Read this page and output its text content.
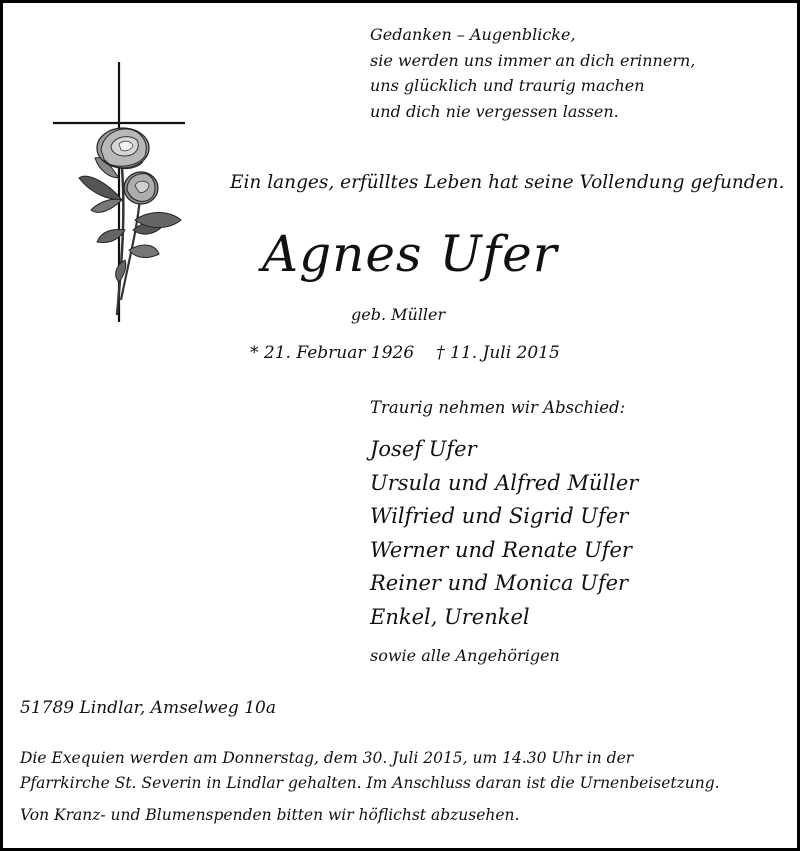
Gedanken – Augenblicke,
sie werden uns immer an dich erinnern,
uns glücklich und traurig machen
und dich nie vergessen lassen.
Ein langes, erfülltes Leben hat seine Vollendung gefunden.
Agnes Ufer
geb. Müller
* 21. Februar 1926 † 11. Juli 2015
Traurig nehmen wir Abschied:
Josef Ufer
Ursula und Alfred Müller
Wilfried und Sigrid Ufer
Werner und Renate Ufer
Reiner und Monica Ufer
Enkel, Urenkel
sowie alle Angehörigen
51789 Lindlar, Amselweg 10a
Die Exequien werden am Donnerstag, dem 30. Juli 2015, um 14.30 Uhr in der
Pfarrkirche St. Severin in Lindlar gehalten. Im Anschluss daran ist die Urnenbeisetzung.
Von Kranz- und Blumenspenden bitten wir höflichst abzusehen.
